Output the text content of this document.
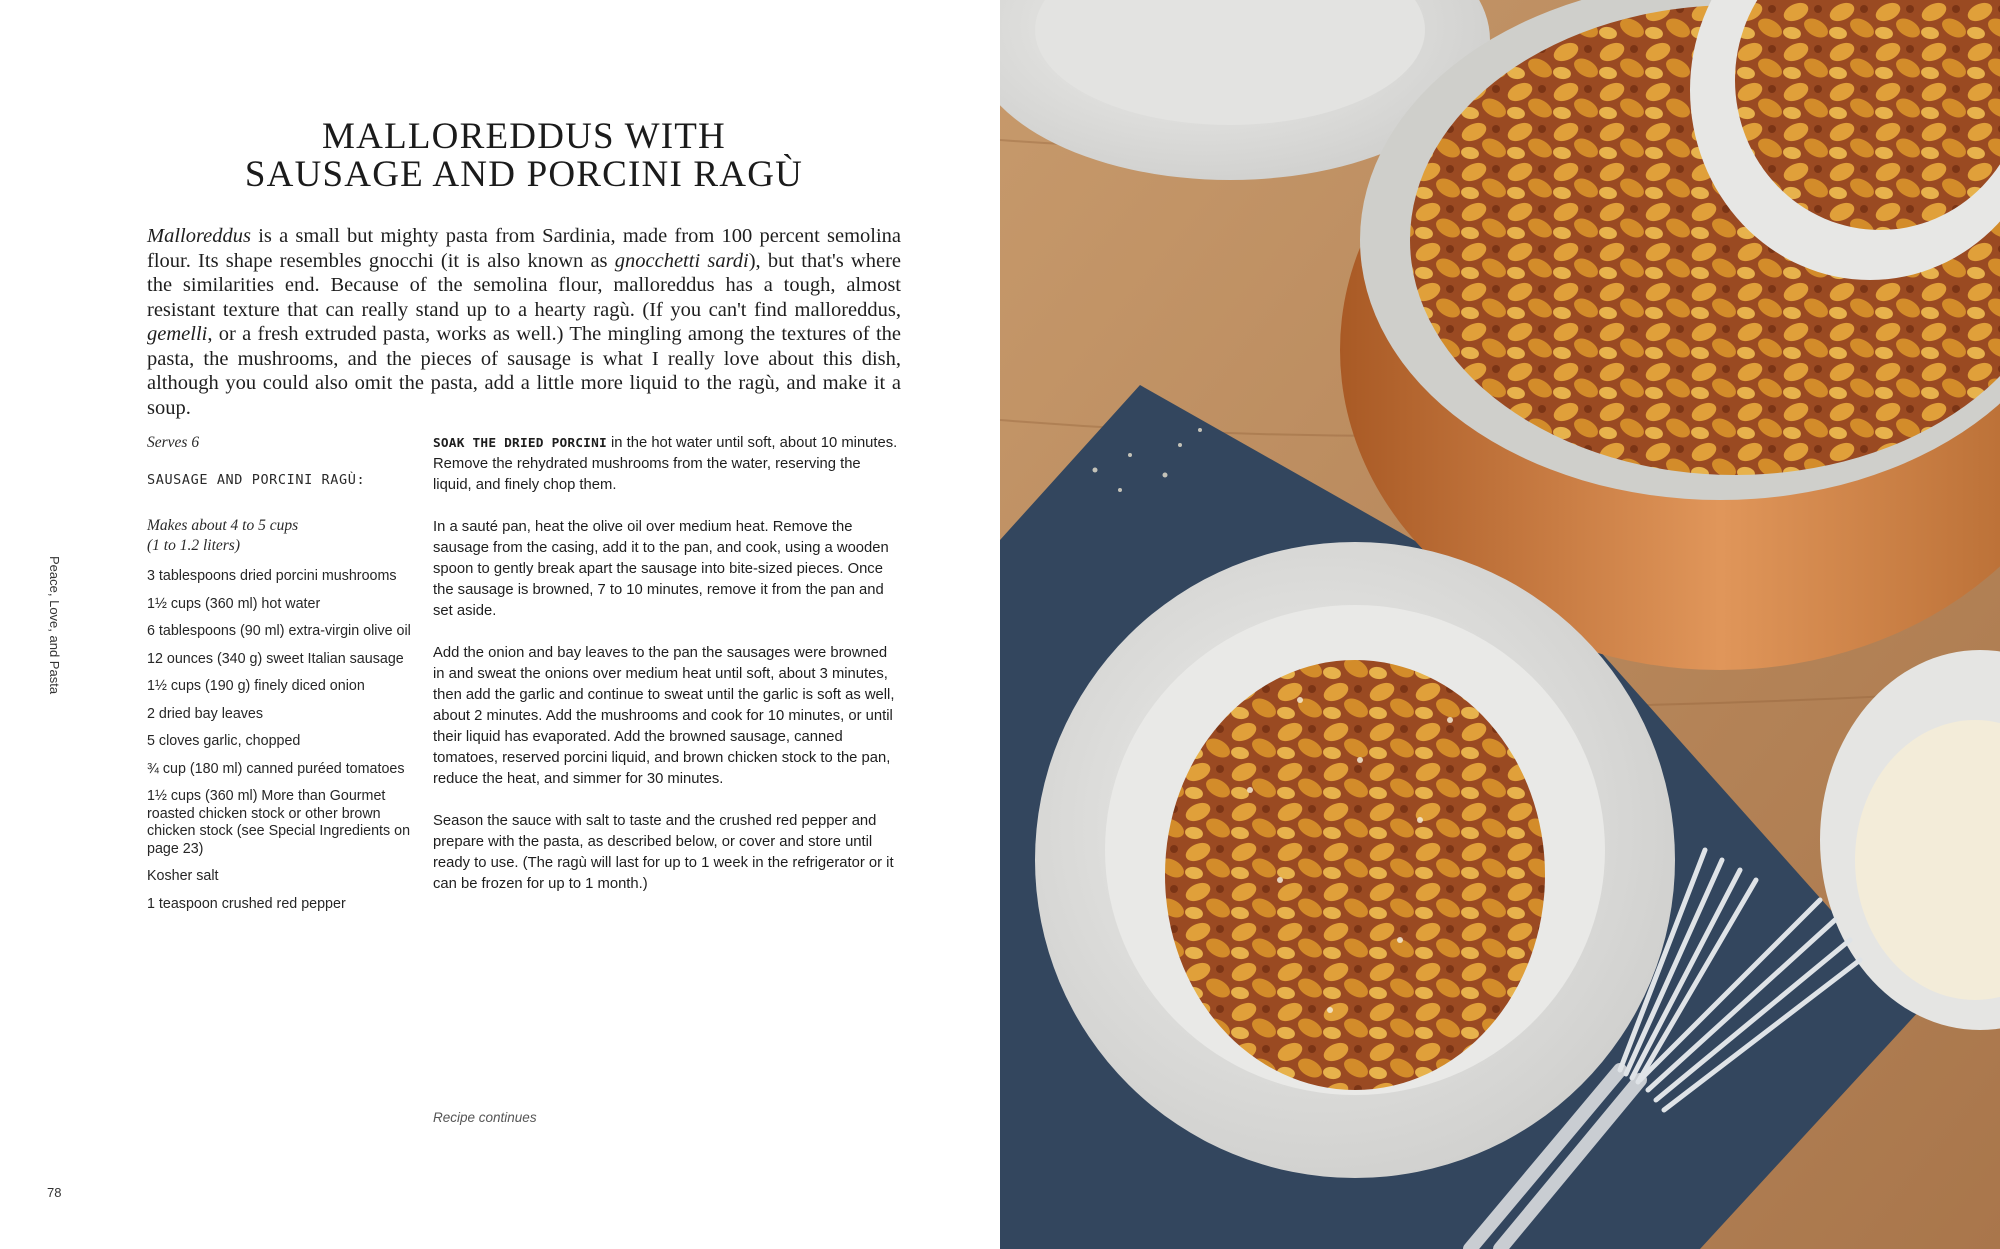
MALLOREDDUS WITH
SAUSAGE AND PORCINI RAGÙ

Malloreddus is a small but mighty pasta from Sardinia, made from 100 percent semolina flour. Its shape resembles gnocchi (it is also known as gnocchetti sardi), but that's where the similarities end. Because of the semolina flour, malloreddus has a tough, almost resistant texture that can really stand up to a hearty ragù. (If you can't find malloreddus, gemelli, or a fresh extruded pasta, works as well.) The mingling among the textures of the pasta, the mushrooms, and the pieces of sausage is what I really love about this dish, although you could also omit the pasta, add a little more liquid to the ragù, and make it a soup.

Serves 6

SAUSAGE AND PORCINI RAGÙ:

Makes about 4 to 5 cups
(1 to 1.2 liters)

3 tablespoons dried porcini mushrooms
1½ cups (360 ml) hot water
6 tablespoons (90 ml) extra-virgin olive oil
12 ounces (340 g) sweet Italian sausage
1½ cups (190 g) finely diced onion
2 dried bay leaves
5 cloves garlic, chopped
¾ cup (180 ml) canned puréed tomatoes
1½ cups (360 ml) More than Gourmet roasted chicken stock or other brown chicken stock (see Special Ingredients on page 23)
Kosher salt
1 teaspoon crushed red pepper

SOAK THE DRIED PORCINI in the hot water until soft, about 10 minutes. Remove the rehydrated mushrooms from the water, reserving the liquid, and finely chop them.

In a sauté pan, heat the olive oil over medium heat. Remove the sausage from the casing, add it to the pan, and cook, using a wooden spoon to gently break apart the sausage into bite-sized pieces. Once the sausage is browned, 7 to 10 minutes, remove it from the pan and set aside.

Add the onion and bay leaves to the pan the sausages were browned in and sweat the onions over medium heat until soft, about 3 minutes, then add the garlic and continue to sweat until the garlic is soft as well, about 2 minutes. Add the mushrooms and cook for 10 minutes, or until their liquid has evaporated. Add the browned sausage, canned tomatoes, reserved porcini liquid, and brown chicken stock to the pan, reduce the heat, and simmer for 30 minutes.

Season the sauce with salt to taste and the crushed red pepper and prepare with the pasta, as described below, or cover and store until ready to use. (The ragù will last for up to 1 week in the refrigerator or it can be frozen for up to 1 month.)

Recipe continues
Peace, Love, and Pasta
78
